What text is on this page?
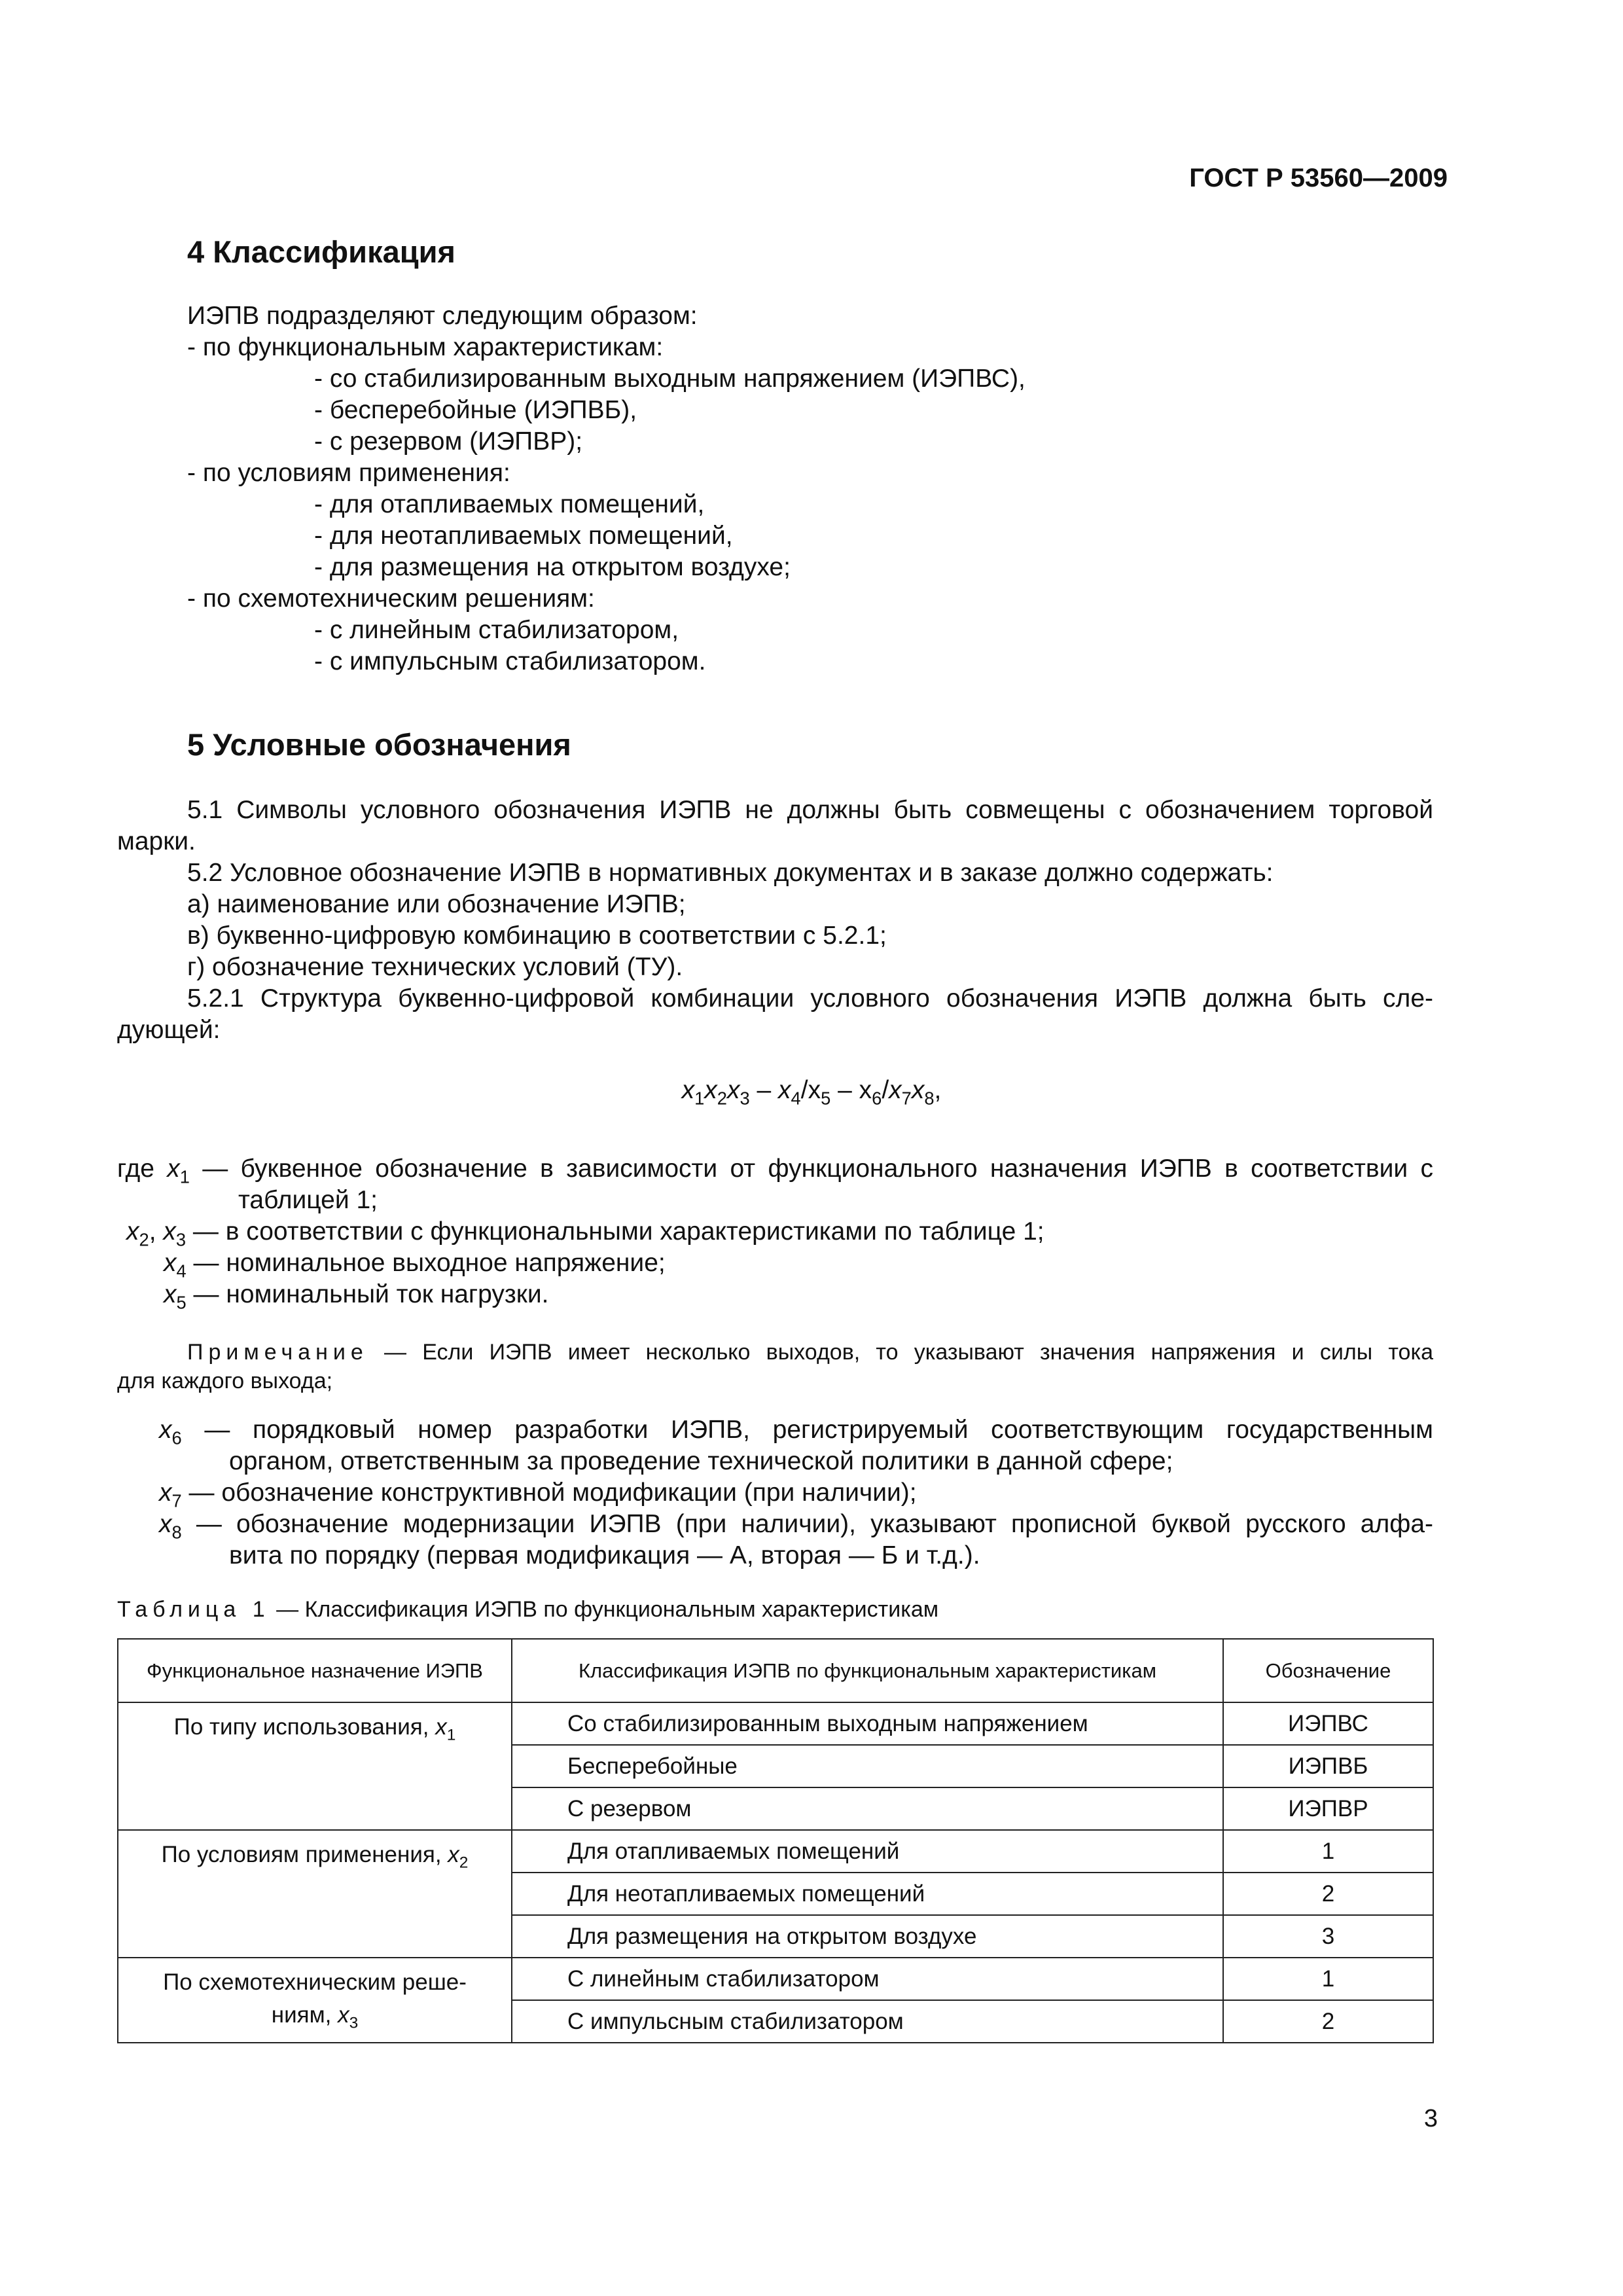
ГОСТ Р 53560—2009
4 Классификация
ИЭПВ подразделяют следующим образом:
- по функциональным характеристикам:
- со стабилизированным выходным напряжением (ИЭПВС),
- бесперебойные (ИЭПВБ),
- с резервом (ИЭПВР);
- по условиям применения:
- для отапливаемых помещений,
- для неотапливаемых помещений,
- для размещения на открытом воздухе;
- по схемотехническим решениям:
- с линейным стабилизатором,
- с импульсным стабилизатором.
5 Условные обозначения
5.1 Символы условного обозначения ИЭПВ не должны быть совмещены с обозначением торговой
марки.
5.2 Условное обозначение ИЭПВ в нормативных документах и в заказе должно содержать:
а) наименование или обозначение ИЭПВ;
в) буквенно-цифровую комбинацию в соответствии с 5.2.1;
г) обозначение технических условий (ТУ).
5.2.1 Структура буквенно-цифровой комбинации условного обозначения ИЭПВ должна быть сле-
дующей:
$x_1x_2x_3 - x_4/x_5 - x_6/x_7x_8$,
где $x_1$ — буквенное обозначение в зависимости от функционального назначения ИЭПВ в соответствии с
таблицей 1;
$x_2$, $x_3$ — в соответствии с функциональными характеристиками по таблице 1;
$x_4$ — номинальное выходное напряжение;
$x_5$ — номинальный ток нагрузки.
Примечание — Если ИЭПВ имеет несколько выходов, то указывают значения напряжения и силы тока
для каждого выхода;
$x_6$ — порядковый номер разработки ИЭПВ, регистрируемый соответствующим государственным
органом, ответственным за проведение технической политики в данной сфере;
$x_7$ — обозначение конструктивной модификации (при наличии);
$x_8$ — обозначение модернизации ИЭПВ (при наличии), указывают прописной буквой русского алфа-
вита по порядку (первая модификация — А, вторая — Б и т.д.).
Таблица 1 — Классификация ИЭПВ по функциональным характеристикам
Функциональное назначение ИЭПВ	Классификация ИЭПВ по функциональным характеристикам	Обозначение
По типу использования, $x_1$	Со стабилизированным выходным напряжением	ИЭПВС
	Бесперебойные	ИЭПВБ
	С резервом	ИЭПВР
По условиям применения, $x_2$	Для отапливаемых помещений	1
	Для неотапливаемых помещений	2
	Для размещения на открытом воздухе	3
По схемотехническим реше-
ниям, $x_3$	С линейным стабилизатором	1
	С импульсным стабилизатором	2
3
